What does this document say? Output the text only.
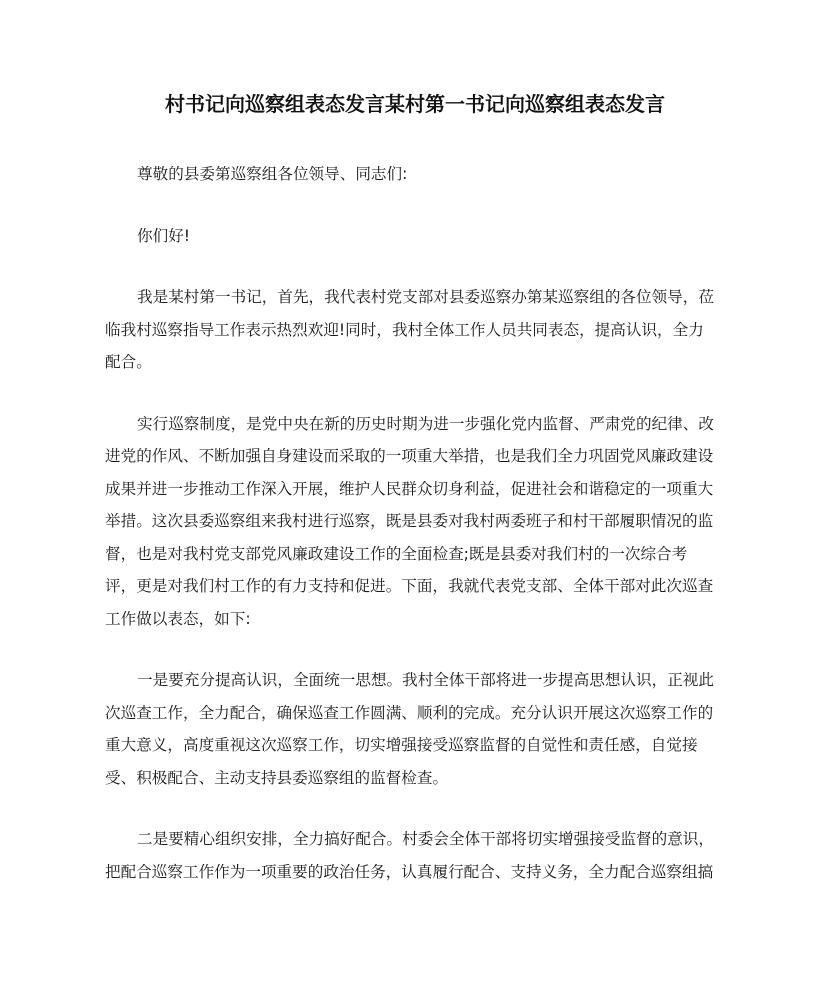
村书记向巡察组表态发言某村第一书记向巡察组表态发言
尊敬的县委第巡察组各位领导、同志们:
你们好!
我是某村第一书记，首先，我代表村党支部对县委巡察办第某巡察组的各位领导，莅
临我村巡察指导工作表示热烈欢迎!同时，我村全体工作人员共同表态，提高认识，全力
配合。
实行巡察制度，是党中央在新的历史时期为进一步强化党内监督、严肃党的纪律、改
进党的作风、不断加强自身建设而采取的一项重大举措，也是我们全力巩固党风廉政建设
成果并进一步推动工作深入开展，维护人民群众切身利益，促进社会和谐稳定的一项重大
举措。这次县委巡察组来我村进行巡察，既是县委对我村两委班子和村干部履职情况的监
督，也是对我村党支部党风廉政建设工作的全面检查;既是县委对我们村的一次综合考
评，更是对我们村工作的有力支持和促进。下面，我就代表党支部、全体干部对此次巡查
工作做以表态，如下:
一是要充分提高认识，全面统一思想。我村全体干部将进一步提高思想认识，正视此
次巡查工作，全力配合，确保巡查工作圆满、顺利的完成。充分认识开展这次巡察工作的
重大意义，高度重视这次巡察工作，切实增强接受巡察监督的自觉性和责任感，自觉接
受、积极配合、主动支持县委巡察组的监督检查。
二是要精心组织安排，全力搞好配合。村委会全体干部将切实增强接受监督的意识，
把配合巡察工作作为一项重要的政治任务，认真履行配合、支持义务，全力配合巡察组搞
